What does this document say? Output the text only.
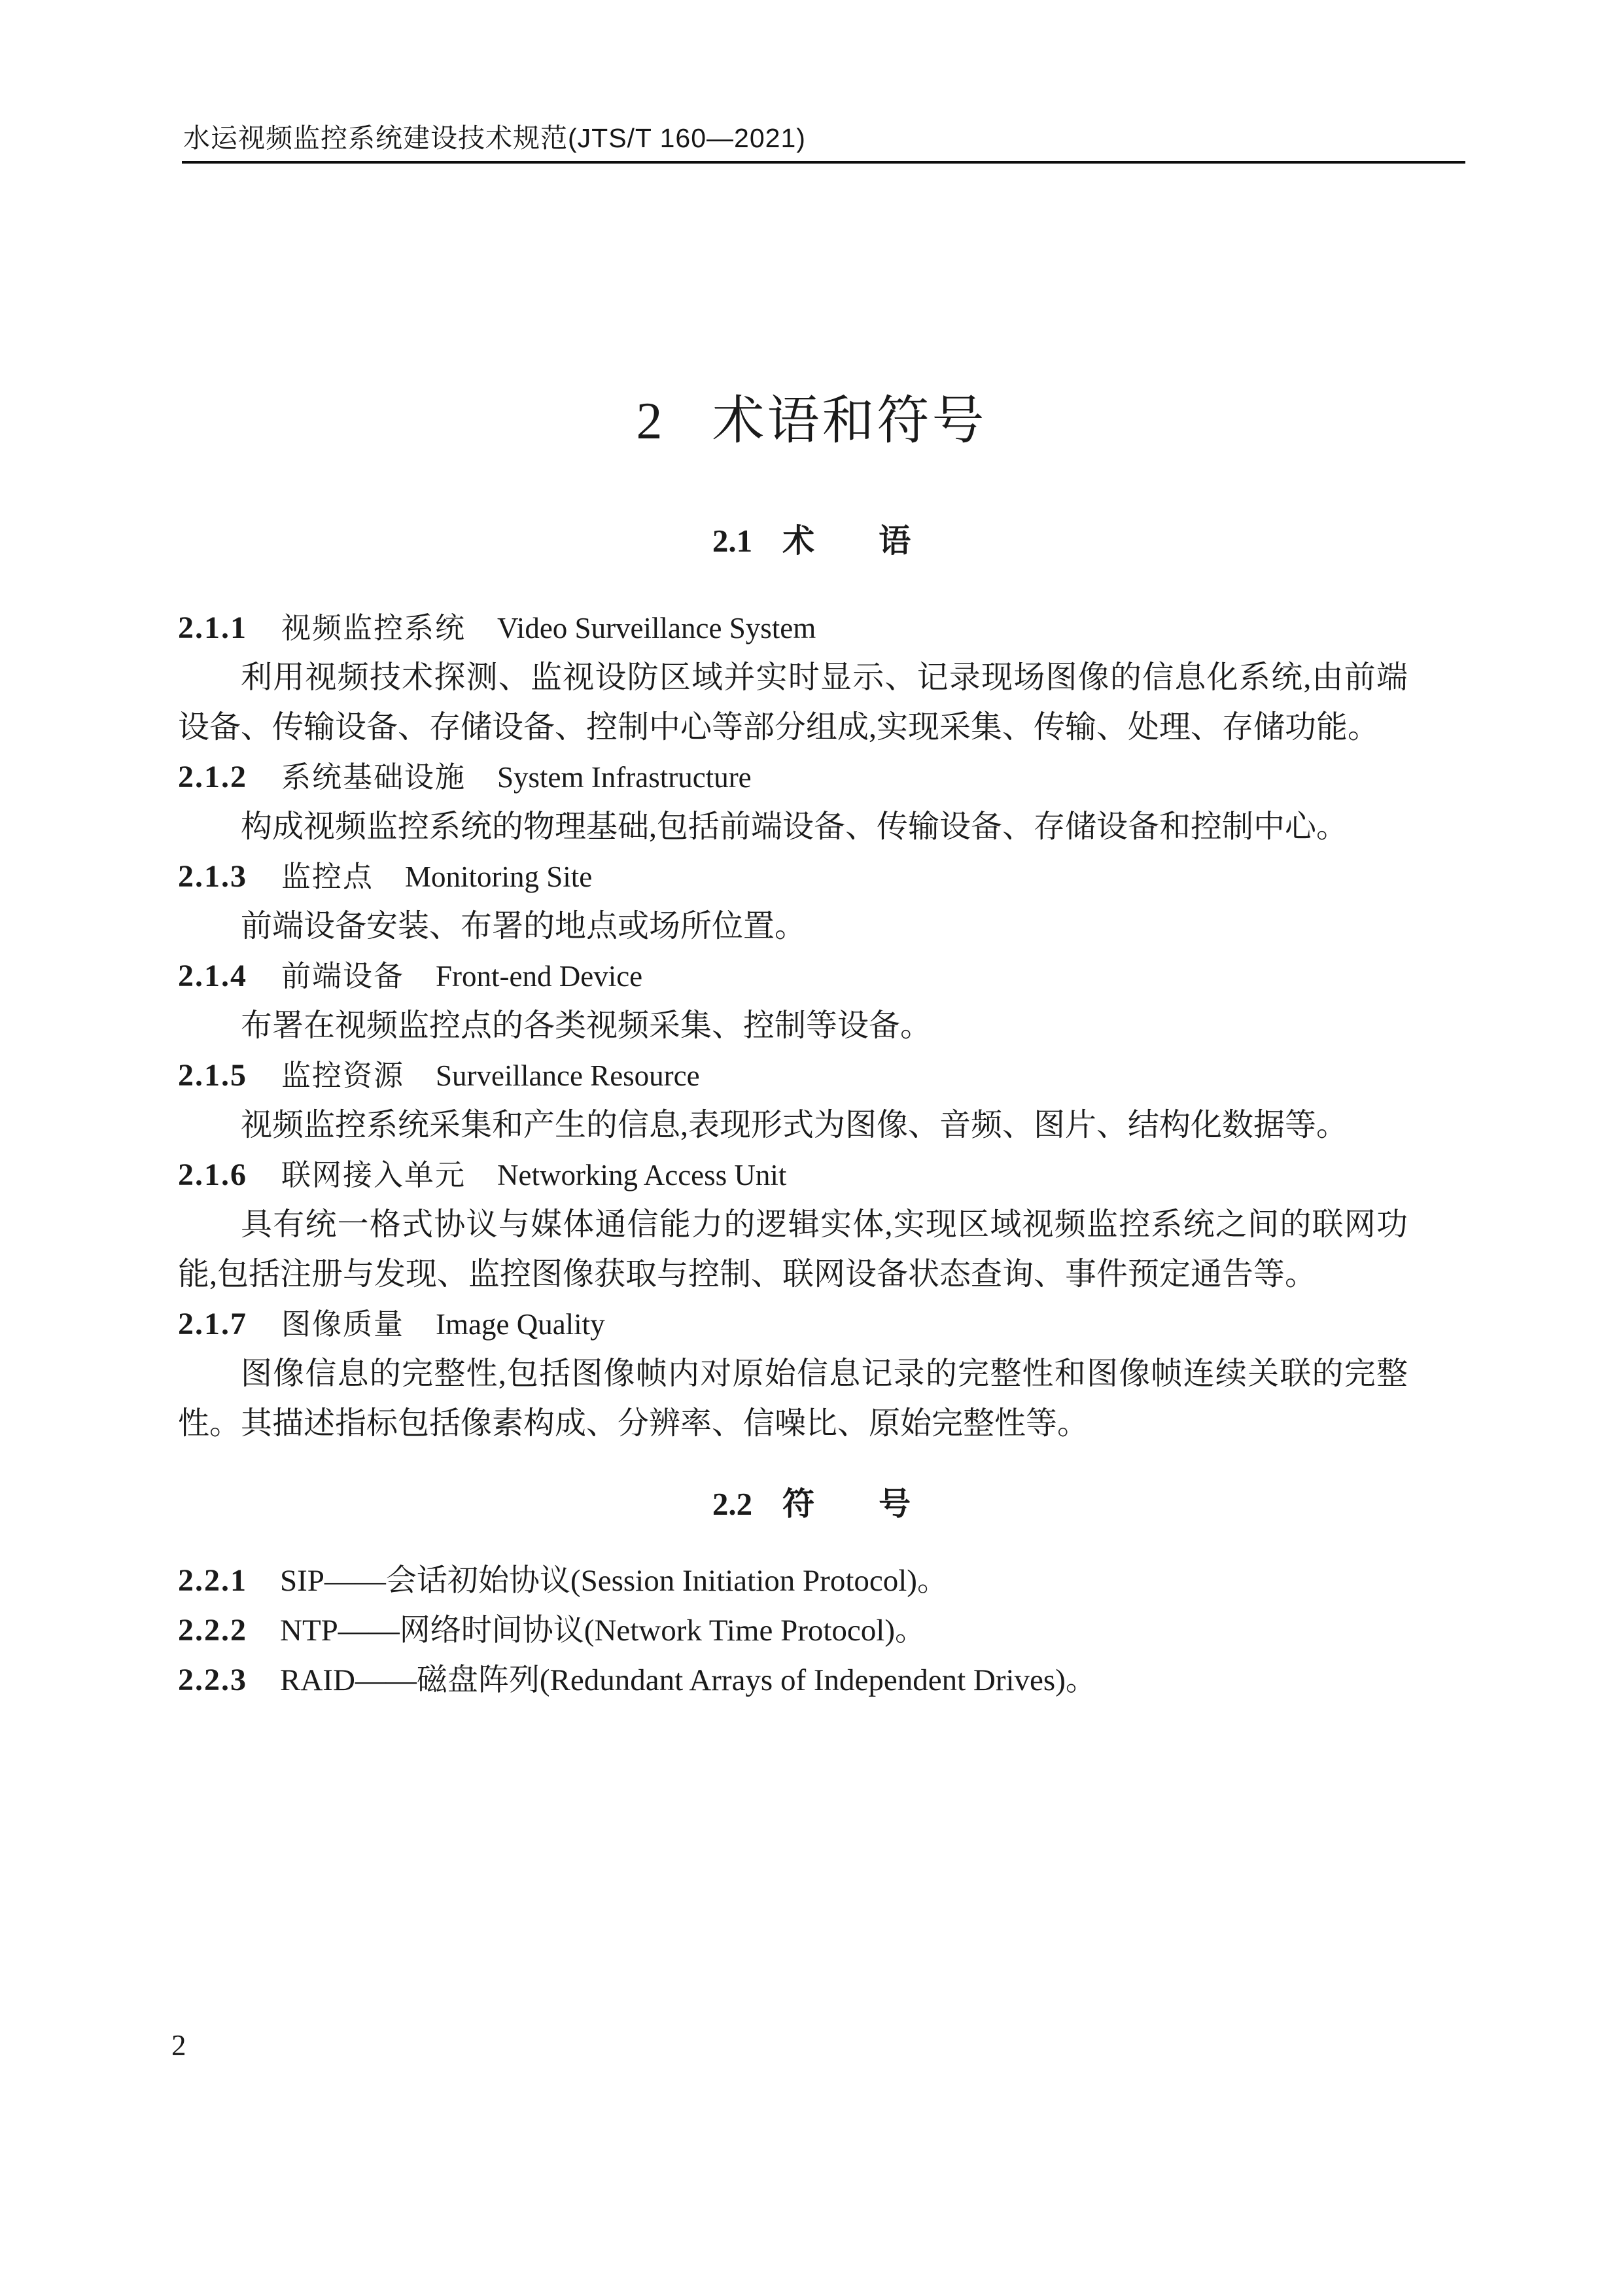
水运视频监控系统建设技术规范(JTS/T 160—2021)
2 术语和符号
2.1 术　　语
2.1.1 视频监控系统 Video Surveillance System

利用视频技术探测、监视设防区域并实时显示、记录现场图像的信息化系统,由前端设备、传输设备、存储设备、控制中心等部分组成,实现采集、传输、处理、存储功能。

2.1.2 系统基础设施 System Infrastructure

构成视频监控系统的物理基础,包括前端设备、传输设备、存储设备和控制中心。

2.1.3 监控点 Monitoring Site

前端设备安装、布署的地点或场所位置。

2.1.4 前端设备 Front-end Device

布署在视频监控点的各类视频采集、控制等设备。

2.1.5 监控资源 Surveillance Resource

视频监控系统采集和产生的信息,表现形式为图像、音频、图片、结构化数据等。

2.1.6 联网接入单元 Networking Access Unit

具有统一格式协议与媒体通信能力的逻辑实体,实现区域视频监控系统之间的联网功能,包括注册与发现、监控图像获取与控制、联网设备状态查询、事件预定通告等。

2.1.7 图像质量 Image Quality

图像信息的完整性,包括图像帧内对原始信息记录的完整性和图像帧连续关联的完整性。其描述指标包括像素构成、分辨率、信噪比、原始完整性等。

2.2 符　　号
2.2.1 SIP——会话初始协议(Session Initiation Protocol)。
2.2.2 NTP——网络时间协议(Network Time Protocol)。
2.2.3 RAID——磁盘阵列(Redundant Arrays of Independent Drives)。
2
